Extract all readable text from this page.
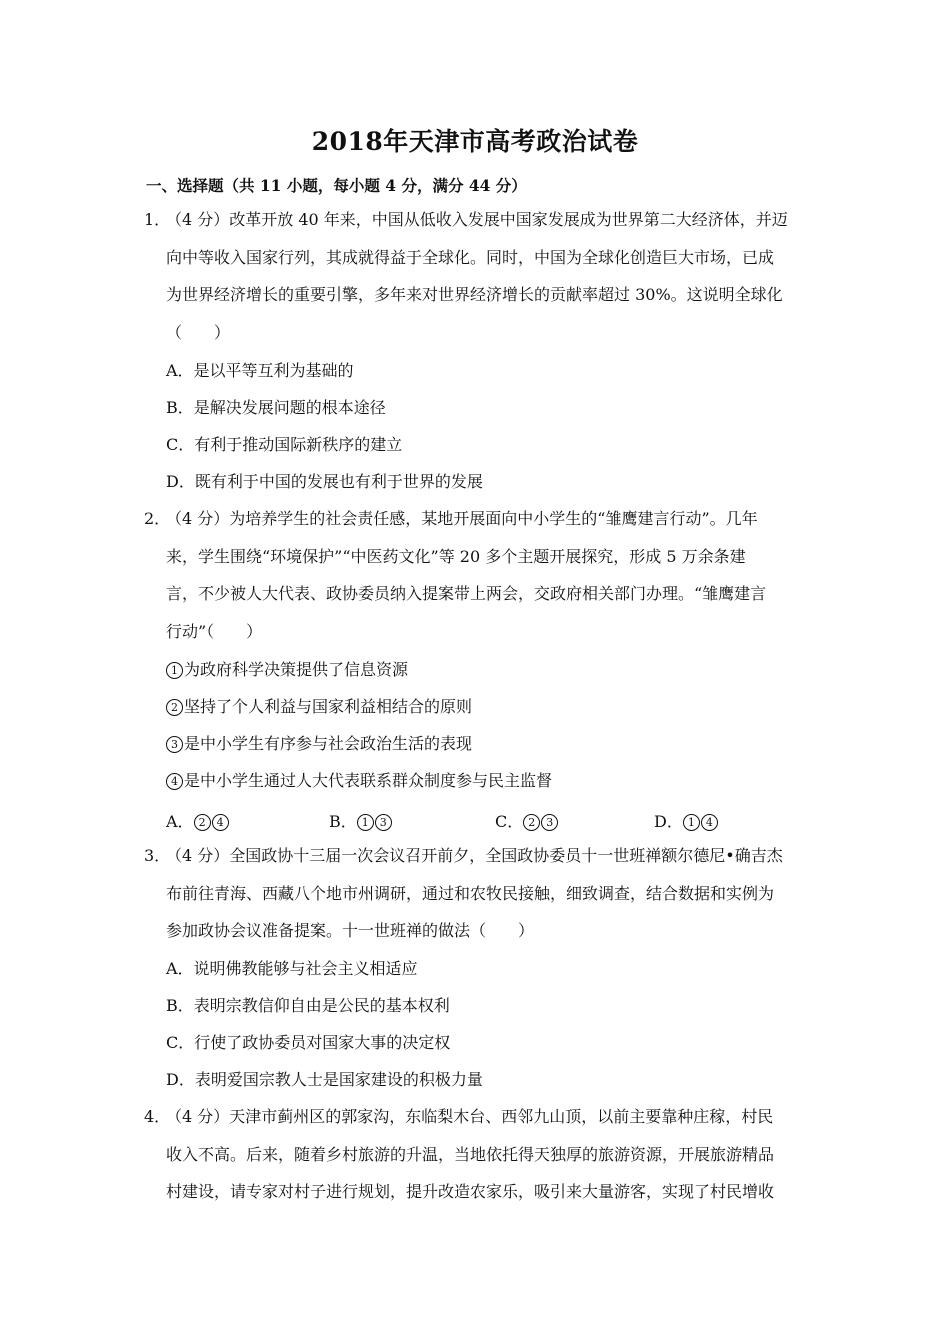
2018年天津市高考政治试卷
一、选择题（共 11 小题，每小题 4 分，满分 44 分）
1．
（4 分）改革开放 40 年来，中国从低收入发展中国家发展成为世界第二大经济体，并迈
向中等收入国家行列，其成就得益于全球化。同时，中国为全球化创造巨大市场，已成
为世界经济增长的重要引擎，多年来对世界经济增长的贡献率超过 30%。这说明全球化
（　　）
A．是以平等互利为基础的
B．是解决发展问题的根本途径
C．有利于推动国际新秩序的建立
D．既有利于中国的发展也有利于世界的发展
2．
（4 分）为培养学生的社会责任感，某地开展面向中小学生的“雏鹰建言行动”。几年
来，学生围绕“环境保护”“中医药文化”等 20 多个主题开展探究，形成 5 万余条建
言，不少被人大代表、政协委员纳入提案带上两会，交政府相关部门办理。“雏鹰建言
行动”（　　）
1 为政府科学决策提供了信息资源
2 坚持了个人利益与国家利益相结合的原则
3 是中小学生有序参与社会政治生活的表现
4 是中小学生通过人大代表联系群众制度参与民主监督
A． 2 4	B． 1 3	C． 2 3	D． 1 4
3．
（4 分）全国政协十三届一次会议召开前夕，全国政协委员十一世班禅额尔德尼•确吉杰
布前往青海、西藏八个地市州调研，通过和农牧民接触，细致调查，结合数据和实例为
参加政协会议准备提案。十一世班禅的做法（　　）
A．说明佛教能够与社会主义相适应
B．表明宗教信仰自由是公民的基本权利
C．行使了政协委员对国家大事的决定权
D．表明爱国宗教人士是国家建设的积极力量
4．
（4 分）天津市蓟州区的郭家沟，东临梨木台、西邻九山顶，以前主要靠种庄稼，村民
收入不高。后来，随着乡村旅游的升温，当地依托得天独厚的旅游资源，开展旅游精品
村建设，请专家对村子进行规划，提升改造农家乐，吸引来大量游客，实现了村民增收
